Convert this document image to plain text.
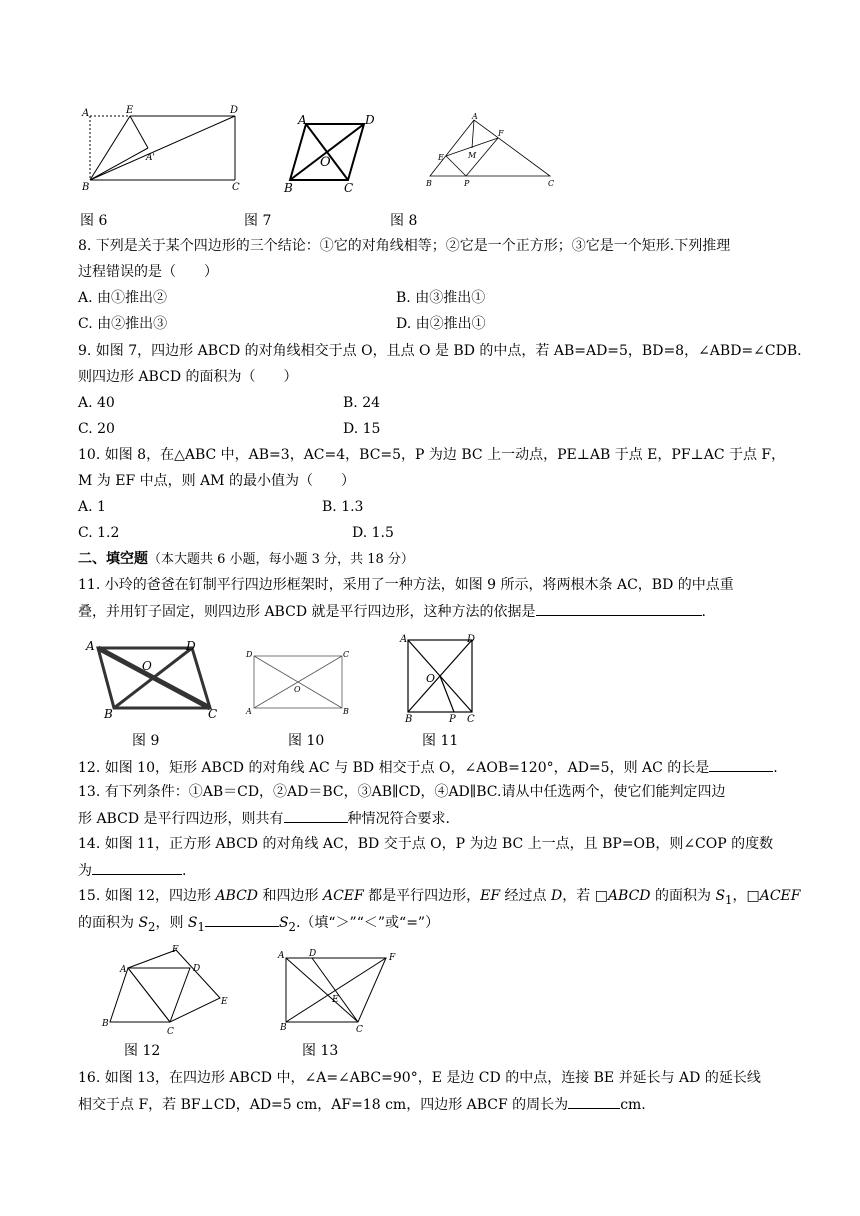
A	E	D
A'
B	C
A	D
O
B	C
A
F
E	M
B	P	C
图 6	图 7	图 8
8. 下列是关于某个四边形的三个结论：①它的对角线相等；②它是一个正方形；③它是一个矩形.下列推理
过程错误的是（　　）
A. 由①推出②	B. 由③推出①
C. 由②推出③	D. 由②推出①
9. 如图 7，四边形 ABCD 的对角线相交于点 O，且点 O 是 BD 的中点，若 AB=AD=5，BD=8，∠ABD=∠CDB.
则四边形 ABCD 的面积为（　　）
A. 40	B. 24
C. 20	D. 15
10. 如图 8，在△ABC 中，AB=3，AC=4，BC=5，P 为边 BC 上一动点，PE⊥AB 于点 E，PF⊥AC 于点 F，
M 为 EF 中点，则 AM 的最小值为（　　）
A. 1	B. 1.3
C. 1.2	D. 1.5
二、填空题（本大题共 6 小题，每小题 3 分，共 18 分）
11. 小玲的爸爸在钉制平行四边形框架时，采用了一种方法，如图 9 所示，将两根木条 AC，BD 的中点重
叠，并用钉子固定，则四边形 ABCD 就是平行四边形，这种方法的依据是	.
A	D
O
B	C
D	C
O
A	B
A	D
O
B	P C
图 9	图 10	图 11
12. 如图 10，矩形 ABCD 的对角线 AC 与 BD 相交于点 O，∠AOB=120°，AD=5，则 AC 的长是	.
13. 有下列条件：①AB＝CD，②AD＝BC，③AB∥CD，④AD∥BC.请从中任选两个，使它们能判定四边
形 ABCD 是平行四边形，则共有	种情况符合要求.
14. 如图 11，正方形 ABCD 的对角线 AC，BD 交于点 O，P 为边 BC 上一点，且 BP=OB，则∠COP 的度数
为	.
15. 如图 12，四边形 ABCD 和四边形 ACEF 都是平行四边形，EF 经过点 D，若 □ABCD 的面积为 $S_1$，□ACEF
的面积为 $S_2$，则 $S_1$	$S_2$.（填“＞”“＜”或“=”）
F
A	D
E
B
C
A	D	F
E
B	C
图 12	图 13
16. 如图 13，在四边形 ABCD 中，∠A=∠ABC=90°，E 是边 CD 的中点，连接 BE 并延长与 AD 的延长线
相交于点 F，若 BF⊥CD，AD=5 cm，AF=18 cm，四边形 ABCF 的周长为	cm.
